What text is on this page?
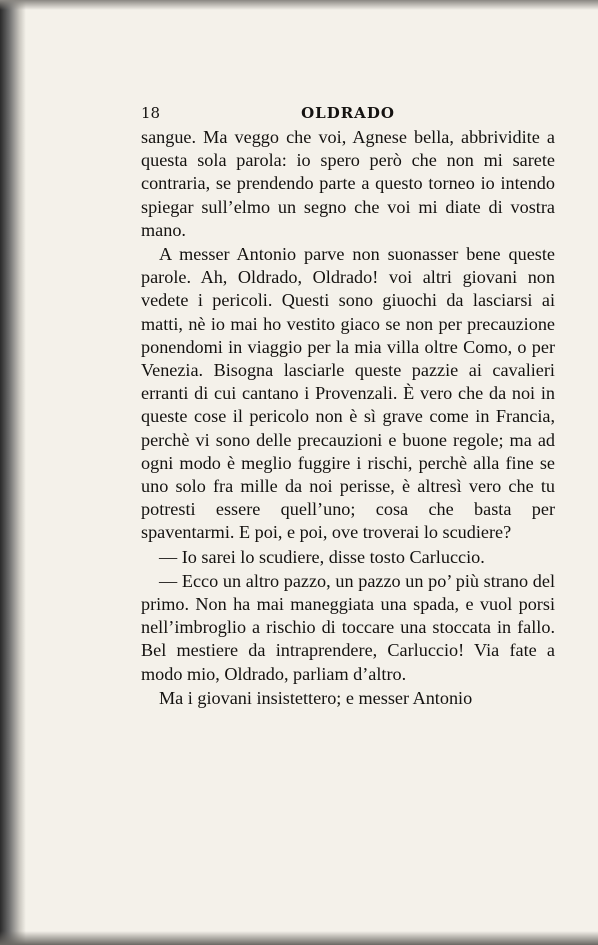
18	OLDRADO

sangue. Ma veggo che voi, Agnese bella, abbrividite a questa sola parola: io spero però che non mi sarete contraria, se prendendo parte a questo torneo io intendo spiegar sull’elmo un segno che voi mi diate di vostra mano.

A messer Antonio parve non suonasser bene queste parole. Ah, Oldrado, Oldrado! voi altri giovani non vedete i pericoli. Questi sono giuochi da lasciarsi ai matti, nè io mai ho vestito giaco se non per precauzione ponendomi in viaggio per la mia villa oltre Como, o per Venezia. Bisogna lasciarle queste pazzie ai cavalieri erranti di cui cantano i Provenzali. È vero che da noi in queste cose il pericolo non è sì grave come in Francia, perchè vi sono delle precauzioni e buone regole; ma ad ogni modo è meglio fuggire i rischi, perchè alla fine se uno solo fra mille da noi perisse, è altresì vero che tu potresti essere quell’uno; cosa che basta per spaventarmi. E poi, e poi, ove troverai lo scudiere?

— Io sarei lo scudiere, disse tosto Carluccio.

— Ecco un altro pazzo, un pazzo un po’ più strano del primo. Non ha mai maneggiata una spada, e vuol porsi nell’imbroglio a rischio di toccare una stoccata in fallo. Bel mestiere da intraprendere, Carluccio! Via fate a modo mio, Oldrado, parliam d’altro.

Ma i giovani insistettero; e messer Antonio
